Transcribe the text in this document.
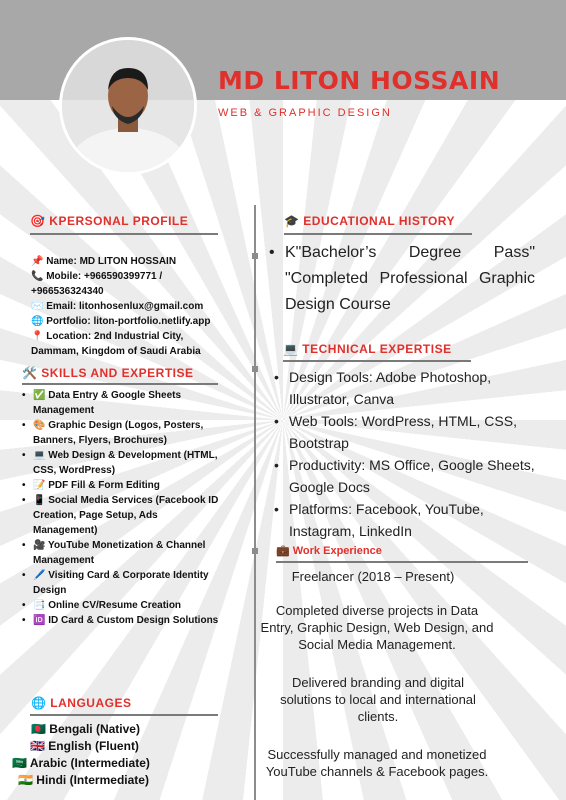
MD LITON HOSSAIN
WEB & GRAPHIC DESIGN
🎯 KPERSONAL PROFILE
📌 Name: MD LITON HOSSAIN
📞 Mobile: +966590399771 /
+966536324340
✉️ Email: litonhosenlux@gmail.com
🌐 Portfolio: liton-portfolio.netlify.app
📍 Location: 2nd Industrial City,
Dammam, Kingdom of Saudi Arabia
🛠️ SKILLS AND EXPERTISE
• ✅ Data Entry & Google Sheets Management
• 🎨 Graphic Design (Logos, Posters, Banners, Flyers, Brochures)
• 💻 Web Design & Development (HTML, CSS, WordPress)
• 📝 PDF Fill & Form Editing
• 📱 Social Media Services (Facebook ID Creation, Page Setup, Ads Management)
• 🎥 YouTube Monetization & Channel Management
• 🖊️ Visiting Card & Corporate Identity Design
• 📑 Online CV/Resume Creation
• 🆔 ID Card & Custom Design Solutions
🌐 LANGUAGES
🇧🇩 Bengali (Native)
🇬🇧 English (Fluent)
🇸🇦 Arabic (Intermediate)
🇮🇳 Hindi (Intermediate)
🎓 EDUCATIONAL HISTORY
• K"Bachelor’s Degree Pass" "Completed Professional Graphic Design Course
💻 TECHNICAL EXPERTISE
• Design Tools: Adobe Photoshop, Illustrator, Canva
• Web Tools: WordPress, HTML, CSS, Bootstrap
• Productivity: MS Office, Google Sheets, Google Docs
• Platforms: Facebook, YouTube, Instagram, LinkedIn
💼 Work Experience
Freelancer (2018 – Present)
Completed diverse projects in Data Entry, Graphic Design, Web Design, and Social Media Management.
Delivered branding and digital solutions to local and international clients.
Successfully managed and monetized YouTube channels & Facebook pages.
